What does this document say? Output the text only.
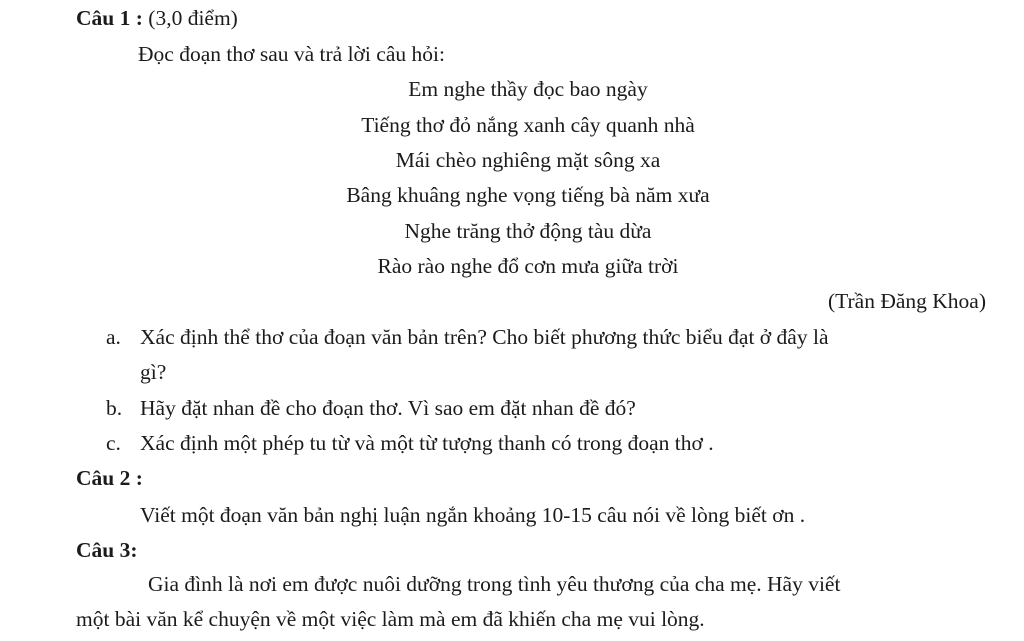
Câu 1 : (3,0 điểm)
Đọc đoạn thơ sau và trả lời câu hỏi:
Em nghe thầy đọc bao ngày
Tiếng thơ đỏ nắng xanh cây quanh nhà
Mái chèo nghiêng mặt sông xa
Bâng khuâng nghe vọng tiếng bà năm xưa
Nghe trăng thở động tàu dừa
Rào rào nghe đổ cơn mưa giữa trời
(Trần Đăng Khoa)
a. Xác định thể thơ của đoạn văn bản trên? Cho biết phương thức biểu đạt ở đây là
gì?
b. Hãy đặt nhan đề cho đoạn thơ. Vì sao em đặt nhan đề đó?
c. Xác định một phép tu từ và một từ tượng thanh có trong đoạn thơ .
Câu 2 :
Viết một đoạn văn bản nghị luận ngắn khoảng 10-15 câu nói về lòng biết ơn .
Câu 3:
Gia đình là nơi em được nuôi dưỡng trong tình yêu thương của cha mẹ. Hãy viết
một bài văn kể chuyện về một việc làm mà em đã khiến cha mẹ vui lòng.
